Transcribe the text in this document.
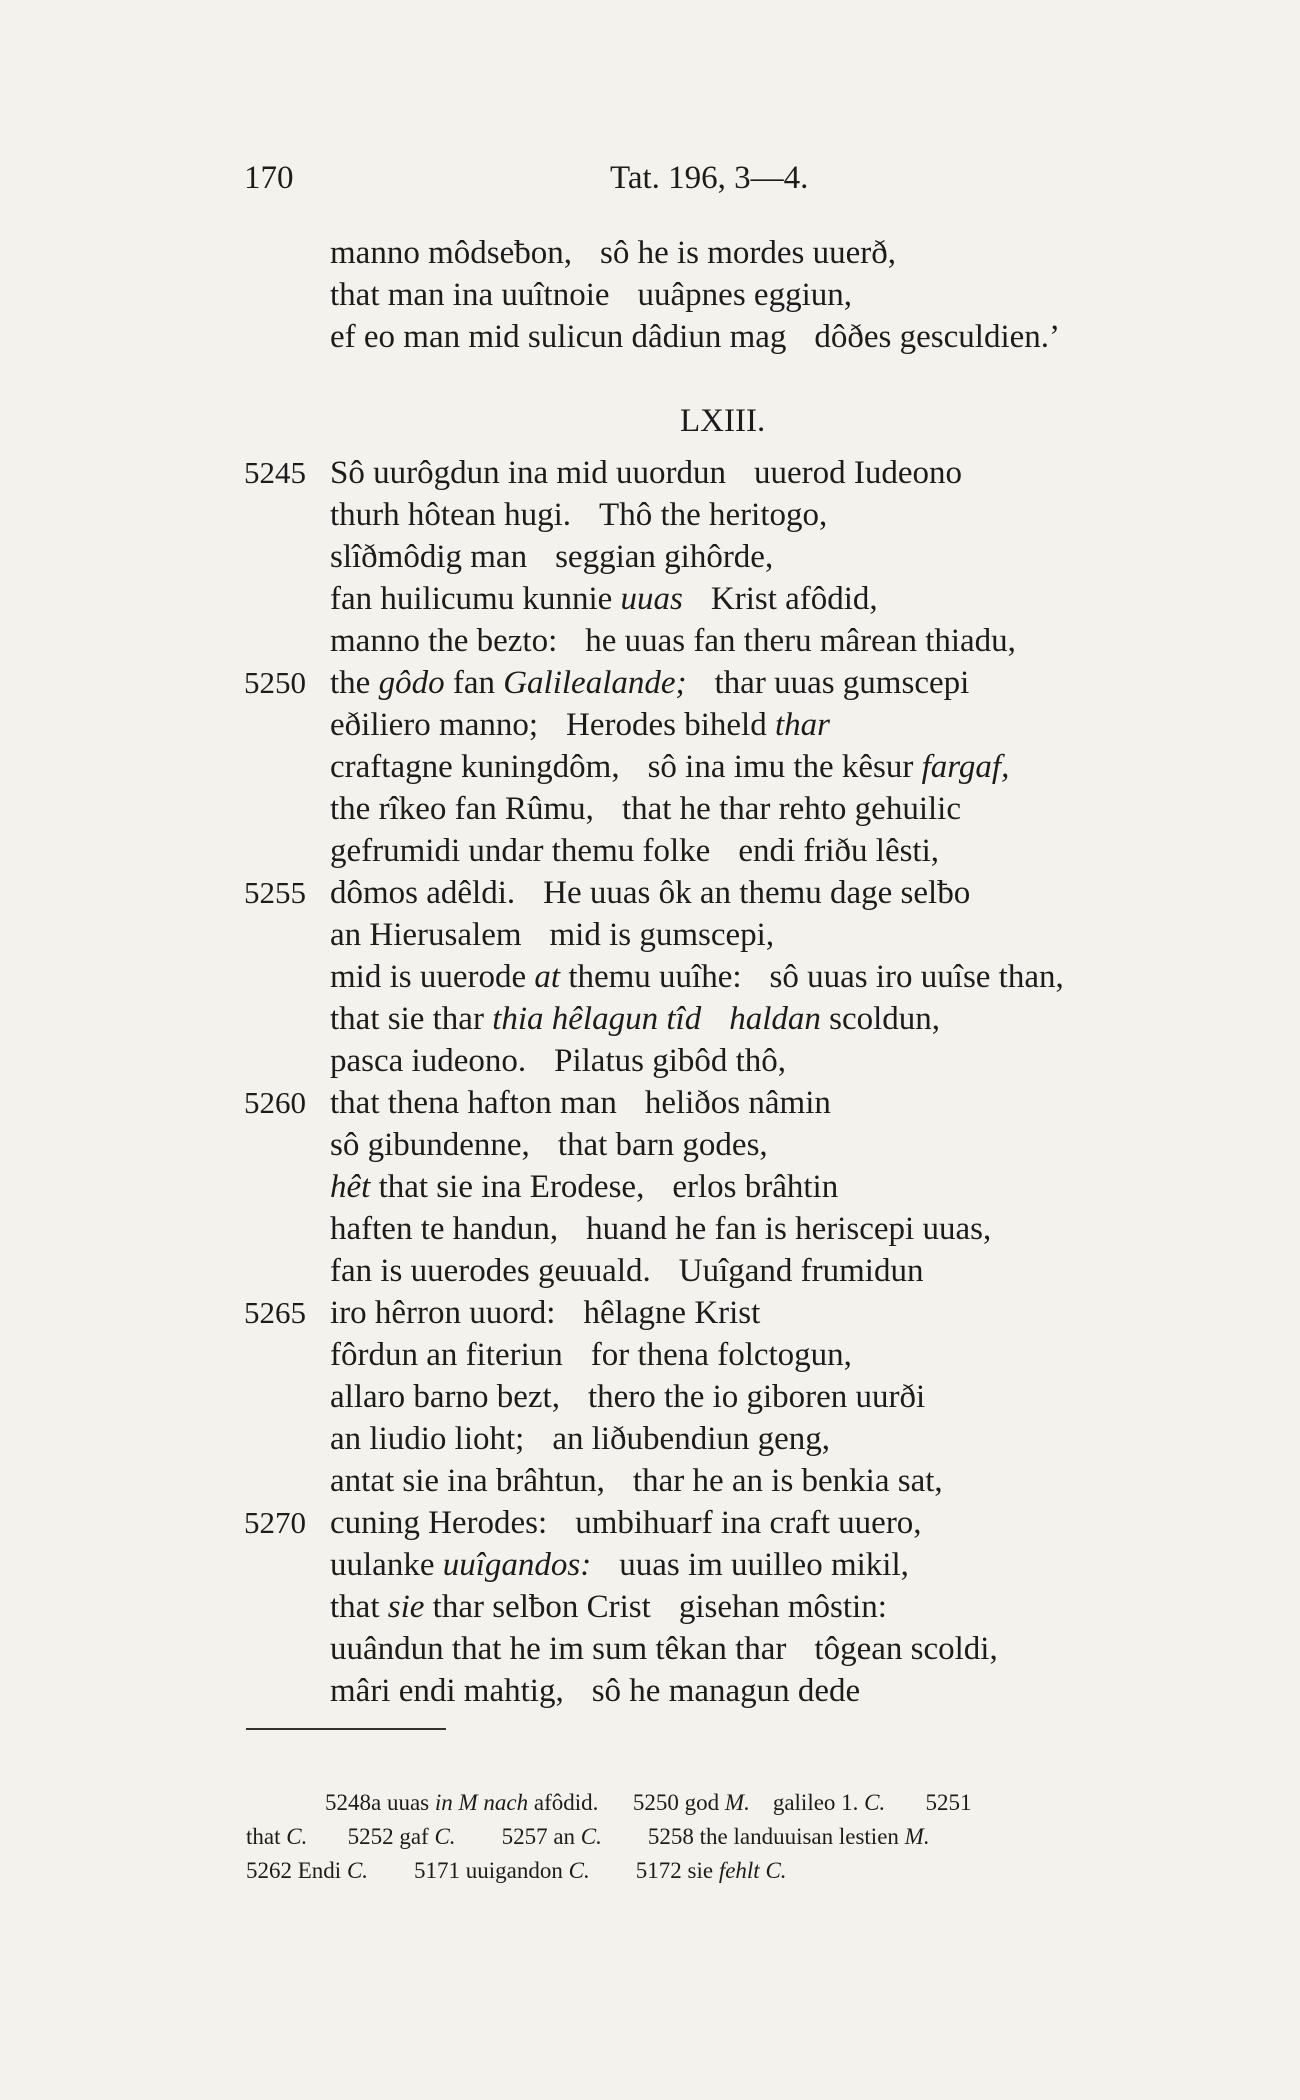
170	Tat. 196, 3—4.
manno môdseƀon, sô he is mordes uuerð,
that man ina uuîtnoie uuâpnes eggiun,
ef eo man mid sulicun dâdiun mag dôðes gesculdien.’
LXIII.
5245
5250
5255
5260
5265
5270
Sô uurôgdun ina mid uuordun uuerod Iudeono
thurh hôtean hugi. Thô the heritogo,
slîðmôdig man seggian gihôrde,
fan huilicumu kunnie uuas Krist afôdid,
manno the bezto: he uuas fan theru mârean thiadu,
the gôdo fan Galilealande; thar uuas gumscepi
eðiliero manno; Herodes biheld thar
craftagne kuningdôm, sô ina imu the kêsur fargaf,
the rîkeo fan Rûmu, that he thar rehto gehuilic
gefrumidi undar themu folke endi friðu lêsti,
dômos adêldi. He uuas ôk an themu dage selƀo
an Hierusalem mid is gumscepi,
mid is uuerode at themu uuîhe: sô uuas iro uuîse than,
that sie thar thia hêlagun tîd haldan scoldun,
pasca iudeono. Pilatus gibôd thô,
that thena hafton man heliðos nâmin
sô gibundenne, that barn godes,
hêt that sie ina Erodese, erlos brâhtin
haften te handun, huand he fan is heriscepi uuas,
fan is uuerodes geuuald. Uuîgand frumidun
iro hêrron uuord: hêlagne Krist
fôrdun an fiteriun for thena folctogun,
allaro barno bezt, thero the io giboren uurði
an liudio lioht; an liðubendiun geng,
antat sie ina brâhtun, thar he an is benkia sat,
cuning Herodes: umbihuarf ina craft uuero,
uulanke uuîgandos: uuas im uuilleo mikil,
that sie thar selƀon Crist gisehan môstin:
uuândun that he im sum têkan thar tôgean scoldi,
mâri endi mahtig, sô he managun dede
5248a uuas in M nach afôdid. 5250 god M. galileo 1. C. 5251
that C. 5252 gaf C. 5257 an C. 5258 the landuuisan lestien M.
5262 Endi C. 5171 uuigandon C. 5172 sie fehlt C.
